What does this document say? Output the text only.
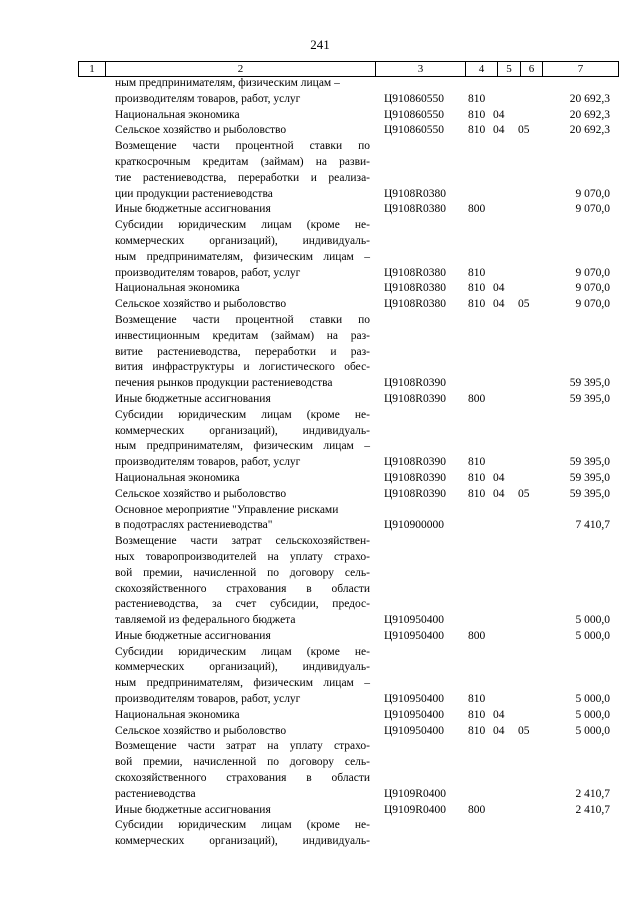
241
1	2	3	4	5	6	7
ным предпринимателям, физическим лицам –
производителям товаров, работ, услуг	Ц910860550 810	20 692,3
Национальная экономика	Ц910860550 810 04	20 692,3
Сельское хозяйство и рыболовство	Ц910860550 810 04 05	20 692,3
Возмещение части процентной ставки по
краткосрочным кредитам (займам) на разви-
тие растениеводства, переработки и реализа-
ции продукции растениеводства	Ц9108R0380	9 070,0
Иные бюджетные ассигнования	Ц9108R0380 800	9 070,0
Субсидии юридическим лицам (кроме не-
коммерческих организаций), индивидуаль-
ным предпринимателям, физическим лицам –
производителям товаров, работ, услуг	Ц9108R0380 810	9 070,0
Национальная экономика	Ц9108R0380 810 04	9 070,0
Сельское хозяйство и рыболовство	Ц9108R0380 810 04 05	9 070,0
Возмещение части процентной ставки по
инвестиционным кредитам (займам) на раз-
витие растениеводства, переработки и раз-
вития инфраструктуры и логистического обес-
печения рынков продукции растениеводства	Ц9108R0390	59 395,0
Иные бюджетные ассигнования	Ц9108R0390 800	59 395,0
Субсидии юридическим лицам (кроме не-
коммерческих организаций), индивидуаль-
ным предпринимателям, физическим лицам –
производителям товаров, работ, услуг	Ц9108R0390 810	59 395,0
Национальная экономика	Ц9108R0390 810 04	59 395,0
Сельское хозяйство и рыболовство	Ц9108R0390 810 04 05	59 395,0
Основное мероприятие "Управление рисками
в подотраслях растениеводства"	Ц910900000	7 410,7
Возмещение части затрат сельскохозяйствен-
ных товаропроизводителей на уплату страхо-
вой премии, начисленной по договору сель-
скохозяйственного страхования в области
растениеводства, за счет субсидии, предос-
тавляемой из федерального бюджета	Ц910950400	5 000,0
Иные бюджетные ассигнования	Ц910950400 800	5 000,0
Субсидии юридическим лицам (кроме не-
коммерческих организаций), индивидуаль-
ным предпринимателям, физическим лицам –
производителям товаров, работ, услуг	Ц910950400 810	5 000,0
Национальная экономика	Ц910950400 810 04	5 000,0
Сельское хозяйство и рыболовство	Ц910950400 810 04 05	5 000,0
Возмещение части затрат на уплату страхо-
вой премии, начисленной по договору сель-
скохозяйственного страхования в области
растениеводства	Ц9109R0400	2 410,7
Иные бюджетные ассигнования	Ц9109R0400 800	2 410,7
Субсидии юридическим лицам (кроме не-
коммерческих организаций), индивидуаль-
